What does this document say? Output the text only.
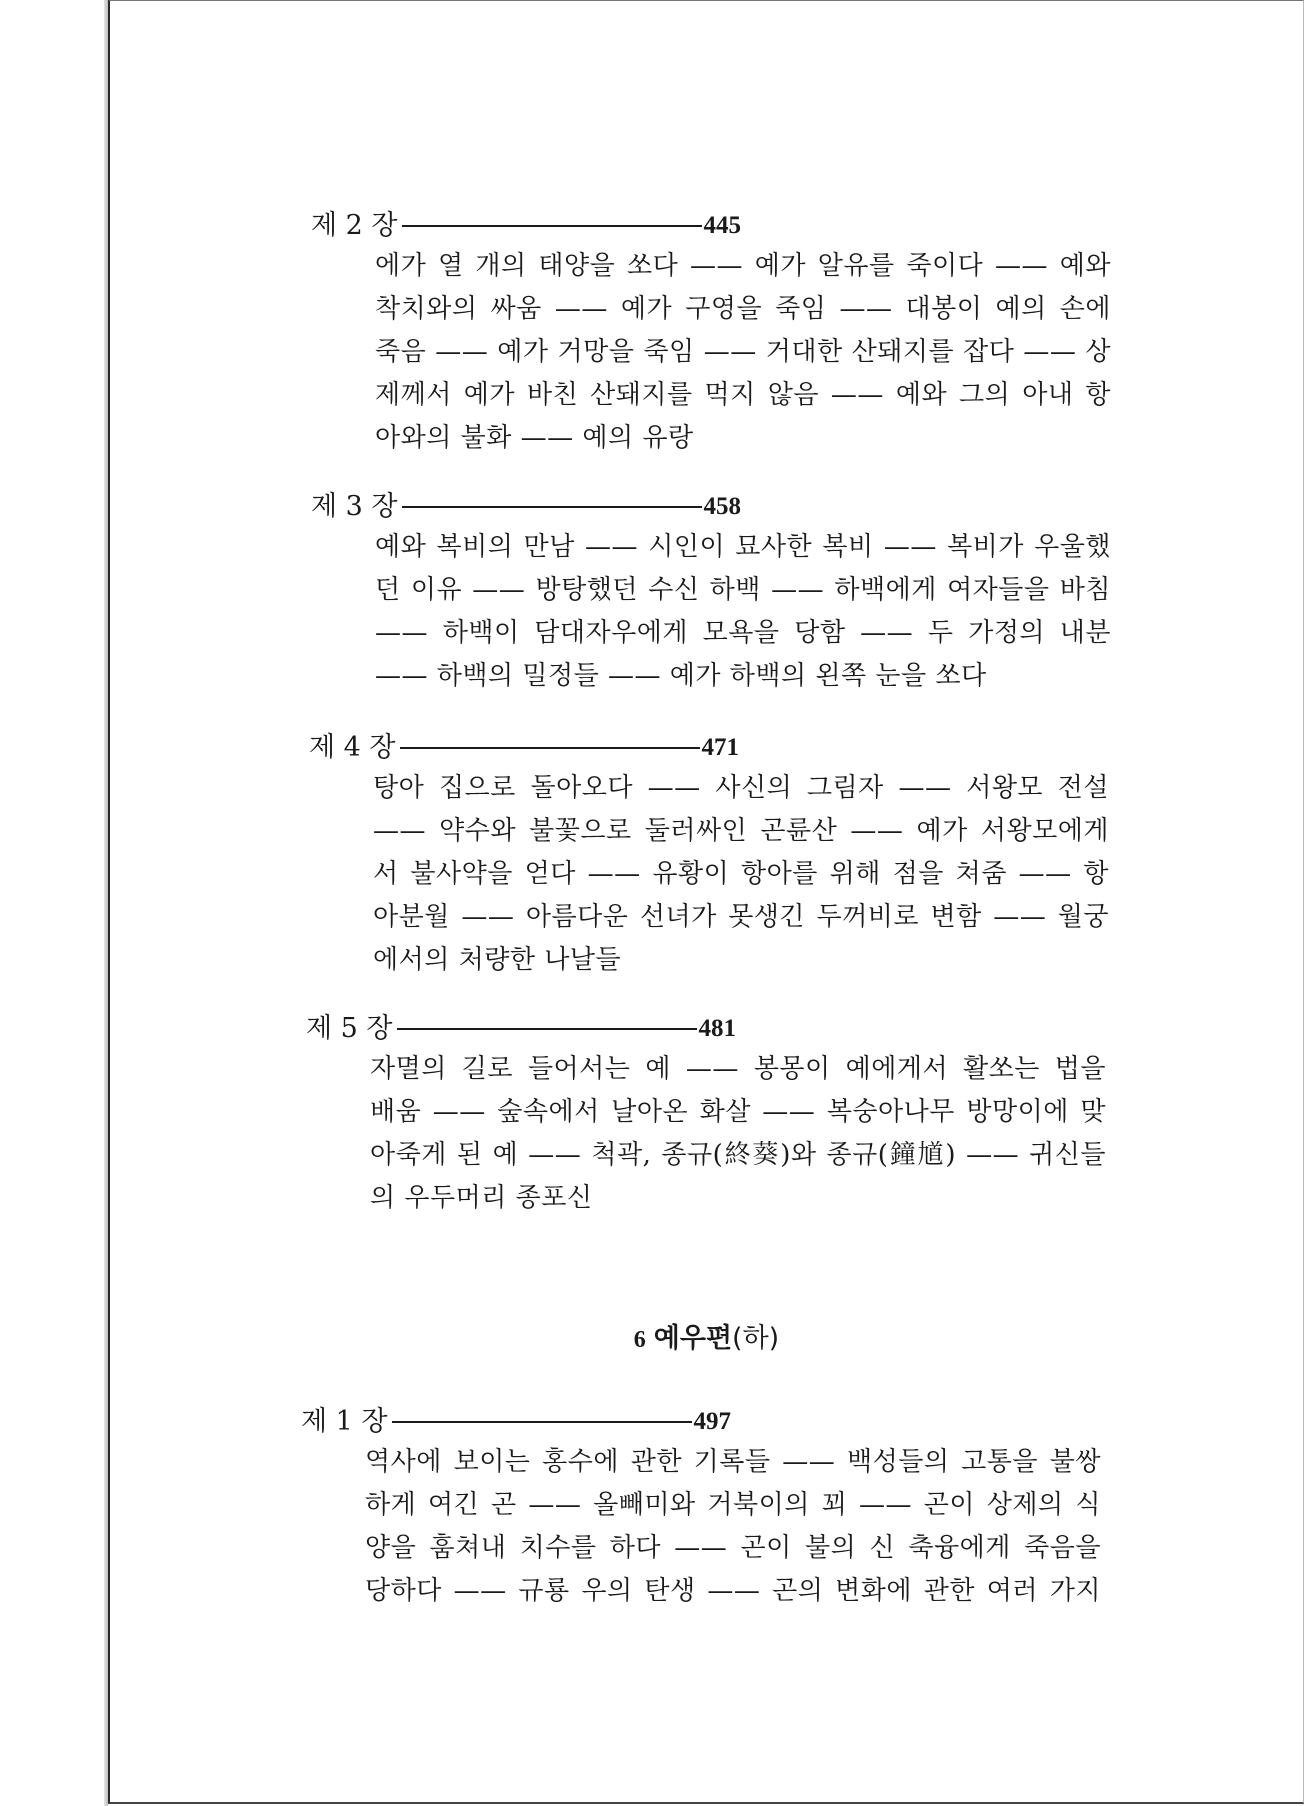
제 2 장	445
에가 열 개의 태양을 쏘다 —— 예가 알유를 죽이다 —— 예와
착치와의 싸움 —— 예가 구영을 죽임 —— 대봉이 예의 손에
죽음 —— 예가 거망을 죽임 —— 거대한 산돼지를 잡다 —— 상
제께서 예가 바친 산돼지를 먹지 않음 —— 예와 그의 아내 항
아와의 불화 —— 예의 유랑
제 3 장	458
예와 복비의 만남 —— 시인이 묘사한 복비 —— 복비가 우울했
던 이유 —— 방탕했던 수신 하백 —— 하백에게 여자들을 바침
—— 하백이 담대자우에게 모욕을 당함 —— 두 가정의 내분
—— 하백의 밀정들 —— 예가 하백의 왼쪽 눈을 쏘다
제 4 장	471
탕아 집으로 돌아오다 —— 사신의 그림자 —— 서왕모 전설
—— 약수와 불꽃으로 둘러싸인 곤륜산 —— 예가 서왕모에게
서 불사약을 얻다 —— 유황이 항아를 위해 점을 쳐줌 —— 항
아분월 —— 아름다운 선녀가 못생긴 두꺼비로 변함 —— 월궁
에서의 처량한 나날들
제 5 장	481
자멸의 길로 들어서는 예 —— 봉몽이 예에게서 활쏘는 법을
배움 —— 숲속에서 날아온 화살 —— 복숭아나무 방망이에 맞
아죽게 된 예 —— 척곽, 종규(終葵)와 종규(鐘馗) —— 귀신들
의 우두머리 종포신
6 예우편(하)
제 1 장	497
역사에 보이는 홍수에 관한 기록들 —— 백성들의 고통을 불쌍
하게 여긴 곤 —— 올빼미와 거북이의 꾀 —— 곤이 상제의 식
양을 훔쳐내 치수를 하다 —— 곤이 불의 신 축융에게 죽음을
당하다 —— 규룡 우의 탄생 —— 곤의 변화에 관한 여러 가지
